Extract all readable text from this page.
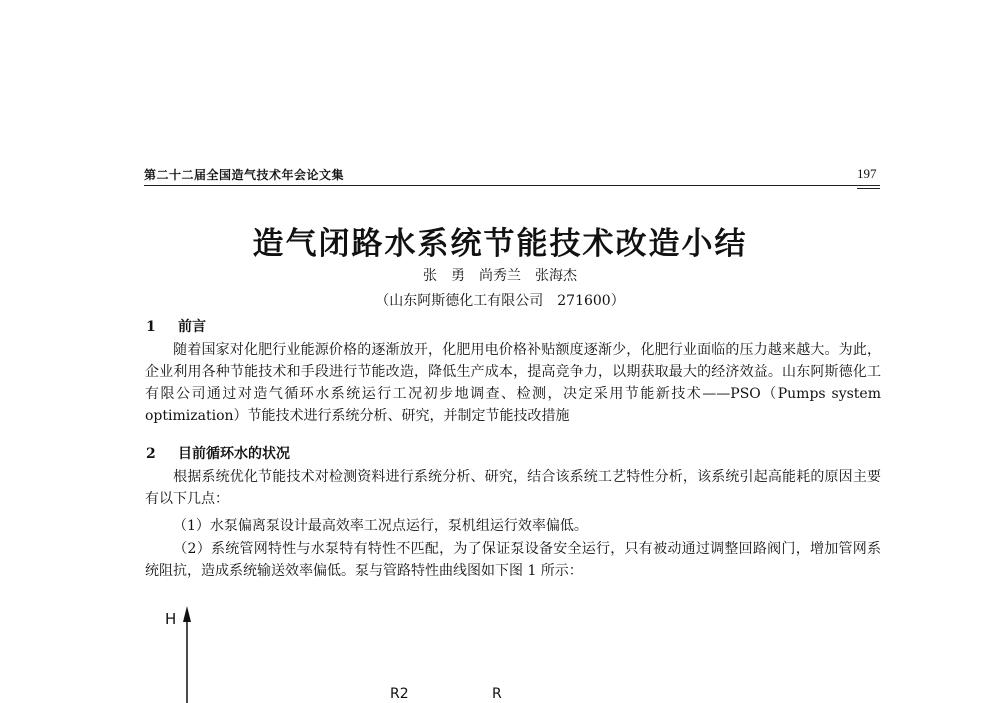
第二十二届全国造气技术年会论文集	197
造气闭路水系统节能技术改造小结
张　勇　尚秀兰　张海杰
（山东阿斯德化工有限公司　271600）
1 前言
随着国家对化肥行业能源价格的逐渐放开，化肥用电价格补贴额度逐渐少，化肥行业面临的压力越来越大。为此，企业利用各种节能技术和手段进行节能改造，降低生产成本，提高竞争力，以期获取最大的经济效益。山东阿斯德化工有限公司通过对造气循环水系统运行工况初步地调查、检测，决定采用节能新技术——PSO（Pumps system optimization）节能技术进行系统分析、研究，并制定节能技改措施
2 目前循环水的状况
根据系统优化节能技术对检测资料进行系统分析、研究，结合该系统工艺特性分析，该系统引起高能耗的原因主要有以下几点：
（1）水泵偏离泵设计最高效率工况点运行，泵机组运行效率偏低。
（2）系统管网特性与水泵特有特性不匹配，为了保证泵设备安全运行，只有被动通过调整回路阀门，增加管网系统阻抗，造成系统输送效率偏低。泵与管路特性曲线图如下图 1 所示：
H
R2	R
